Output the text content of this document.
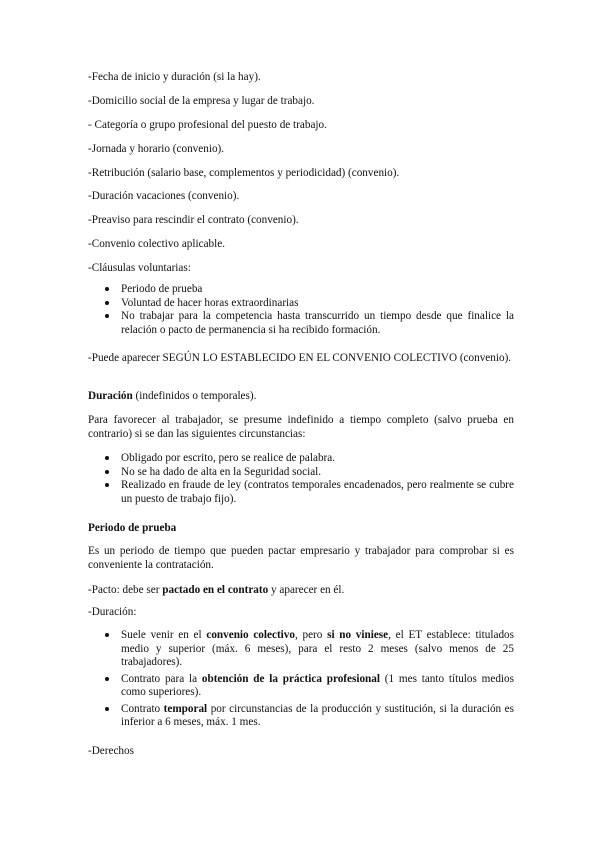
-Fecha de inicio y duración (si la hay).
-Domicilio social de la empresa y lugar de trabajo.
- Categoría o grupo profesional del puesto de trabajo.
-Jornada y horario (convenio).
-Retribución (salario base, complementos y periodicidad) (convenio).
-Duración vacaciones (convenio).
-Preaviso para rescindir el contrato (convenio).
-Convenio colectivo aplicable.
-Cláusulas voluntarias:
Periodo de prueba
Voluntad de hacer horas extraordinarias
No trabajar para la competencia hasta transcurrido un tiempo desde que finalice la relación o pacto de permanencia si ha recibido formación.
-Puede aparecer SEGÚN LO ESTABLECIDO EN EL CONVENIO COLECTIVO (convenio).
Duración (indefinidos o temporales).
Para favorecer al trabajador, se presume indefinido a tiempo completo (salvo prueba en contrario) si se dan las siguientes circunstancias:
Obligado por escrito, pero se realice de palabra.
No se ha dado de alta en la Seguridad social.
Realizado en fraude de ley (contratos temporales encadenados, pero realmente se cubre un puesto de trabajo fijo).
Periodo de prueba
Es un periodo de tiempo que pueden pactar empresario y trabajador para comprobar si es conveniente la contratación.
-Pacto: debe ser pactado en el contrato y aparecer en él.
-Duración:
Suele venir en el convenio colectivo, pero si no viniese, el ET establece: titulados medio y superior (máx. 6 meses), para el resto 2 meses (salvo menos de 25 trabajadores).
Contrato para la obtención de la práctica profesional (1 mes tanto títulos medios como superiores).
Contrato temporal por circunstancias de la producción y sustitución, si la duración es inferior a 6 meses, máx. 1 mes.
-Derechos
